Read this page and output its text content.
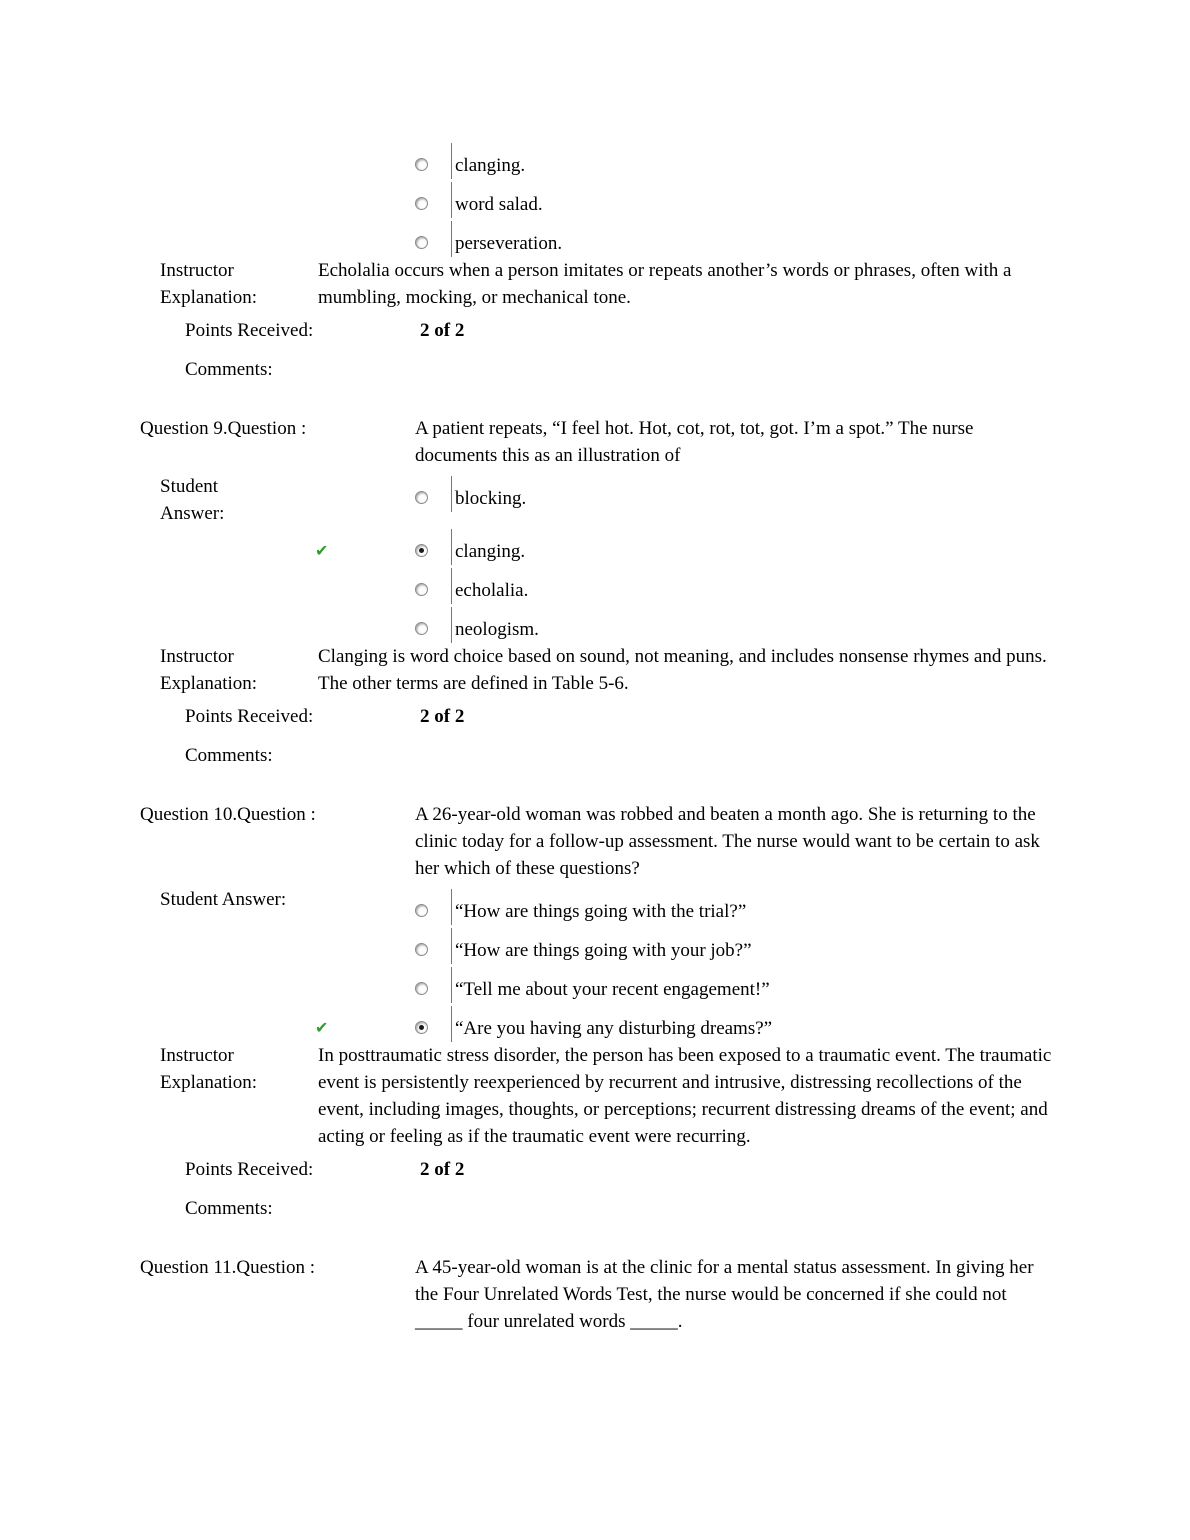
clanging.
word salad.
perseveration.
Instructor
Explanation:
Echolalia occurs when a person imitates or repeats another’s words or phrases, often with a mumbling, mocking, or mechanical tone.
Points Received:	2 of 2
Comments:
Question 9.Question :	A patient repeats, “I feel hot. Hot, cot, rot, tot, got. I’m a spot.” The nurse documents this as an illustration of
Student
Answer:
blocking.
✔	clanging.
echolalia.
neologism.
Instructor
Explanation:
Clanging is word choice based on sound, not meaning, and includes nonsense rhymes and puns. The other terms are defined in Table 5-6.
Points Received:	2 of 2
Comments:
Question 10.Question :	A 26-year-old woman was robbed and beaten a month ago. She is returning to the clinic today for a follow-up assessment. The nurse would want to be certain to ask her which of these questions?
Student Answer:
“How are things going with the trial?”
“How are things going with your job?”
“Tell me about your recent engagement!”
✔	“Are you having any disturbing dreams?”
Instructor
Explanation:
In posttraumatic stress disorder, the person has been exposed to a traumatic event. The traumatic event is persistently reexperienced by recurrent and intrusive, distressing recollections of the event, including images, thoughts, or perceptions; recurrent distressing dreams of the event; and acting or feeling as if the traumatic event were recurring.
Points Received:	2 of 2
Comments:
Question 11.Question :	A 45-year-old woman is at the clinic for a mental status assessment. In giving her the Four Unrelated Words Test, the nurse would be concerned if she could not _____ four unrelated words _____.
